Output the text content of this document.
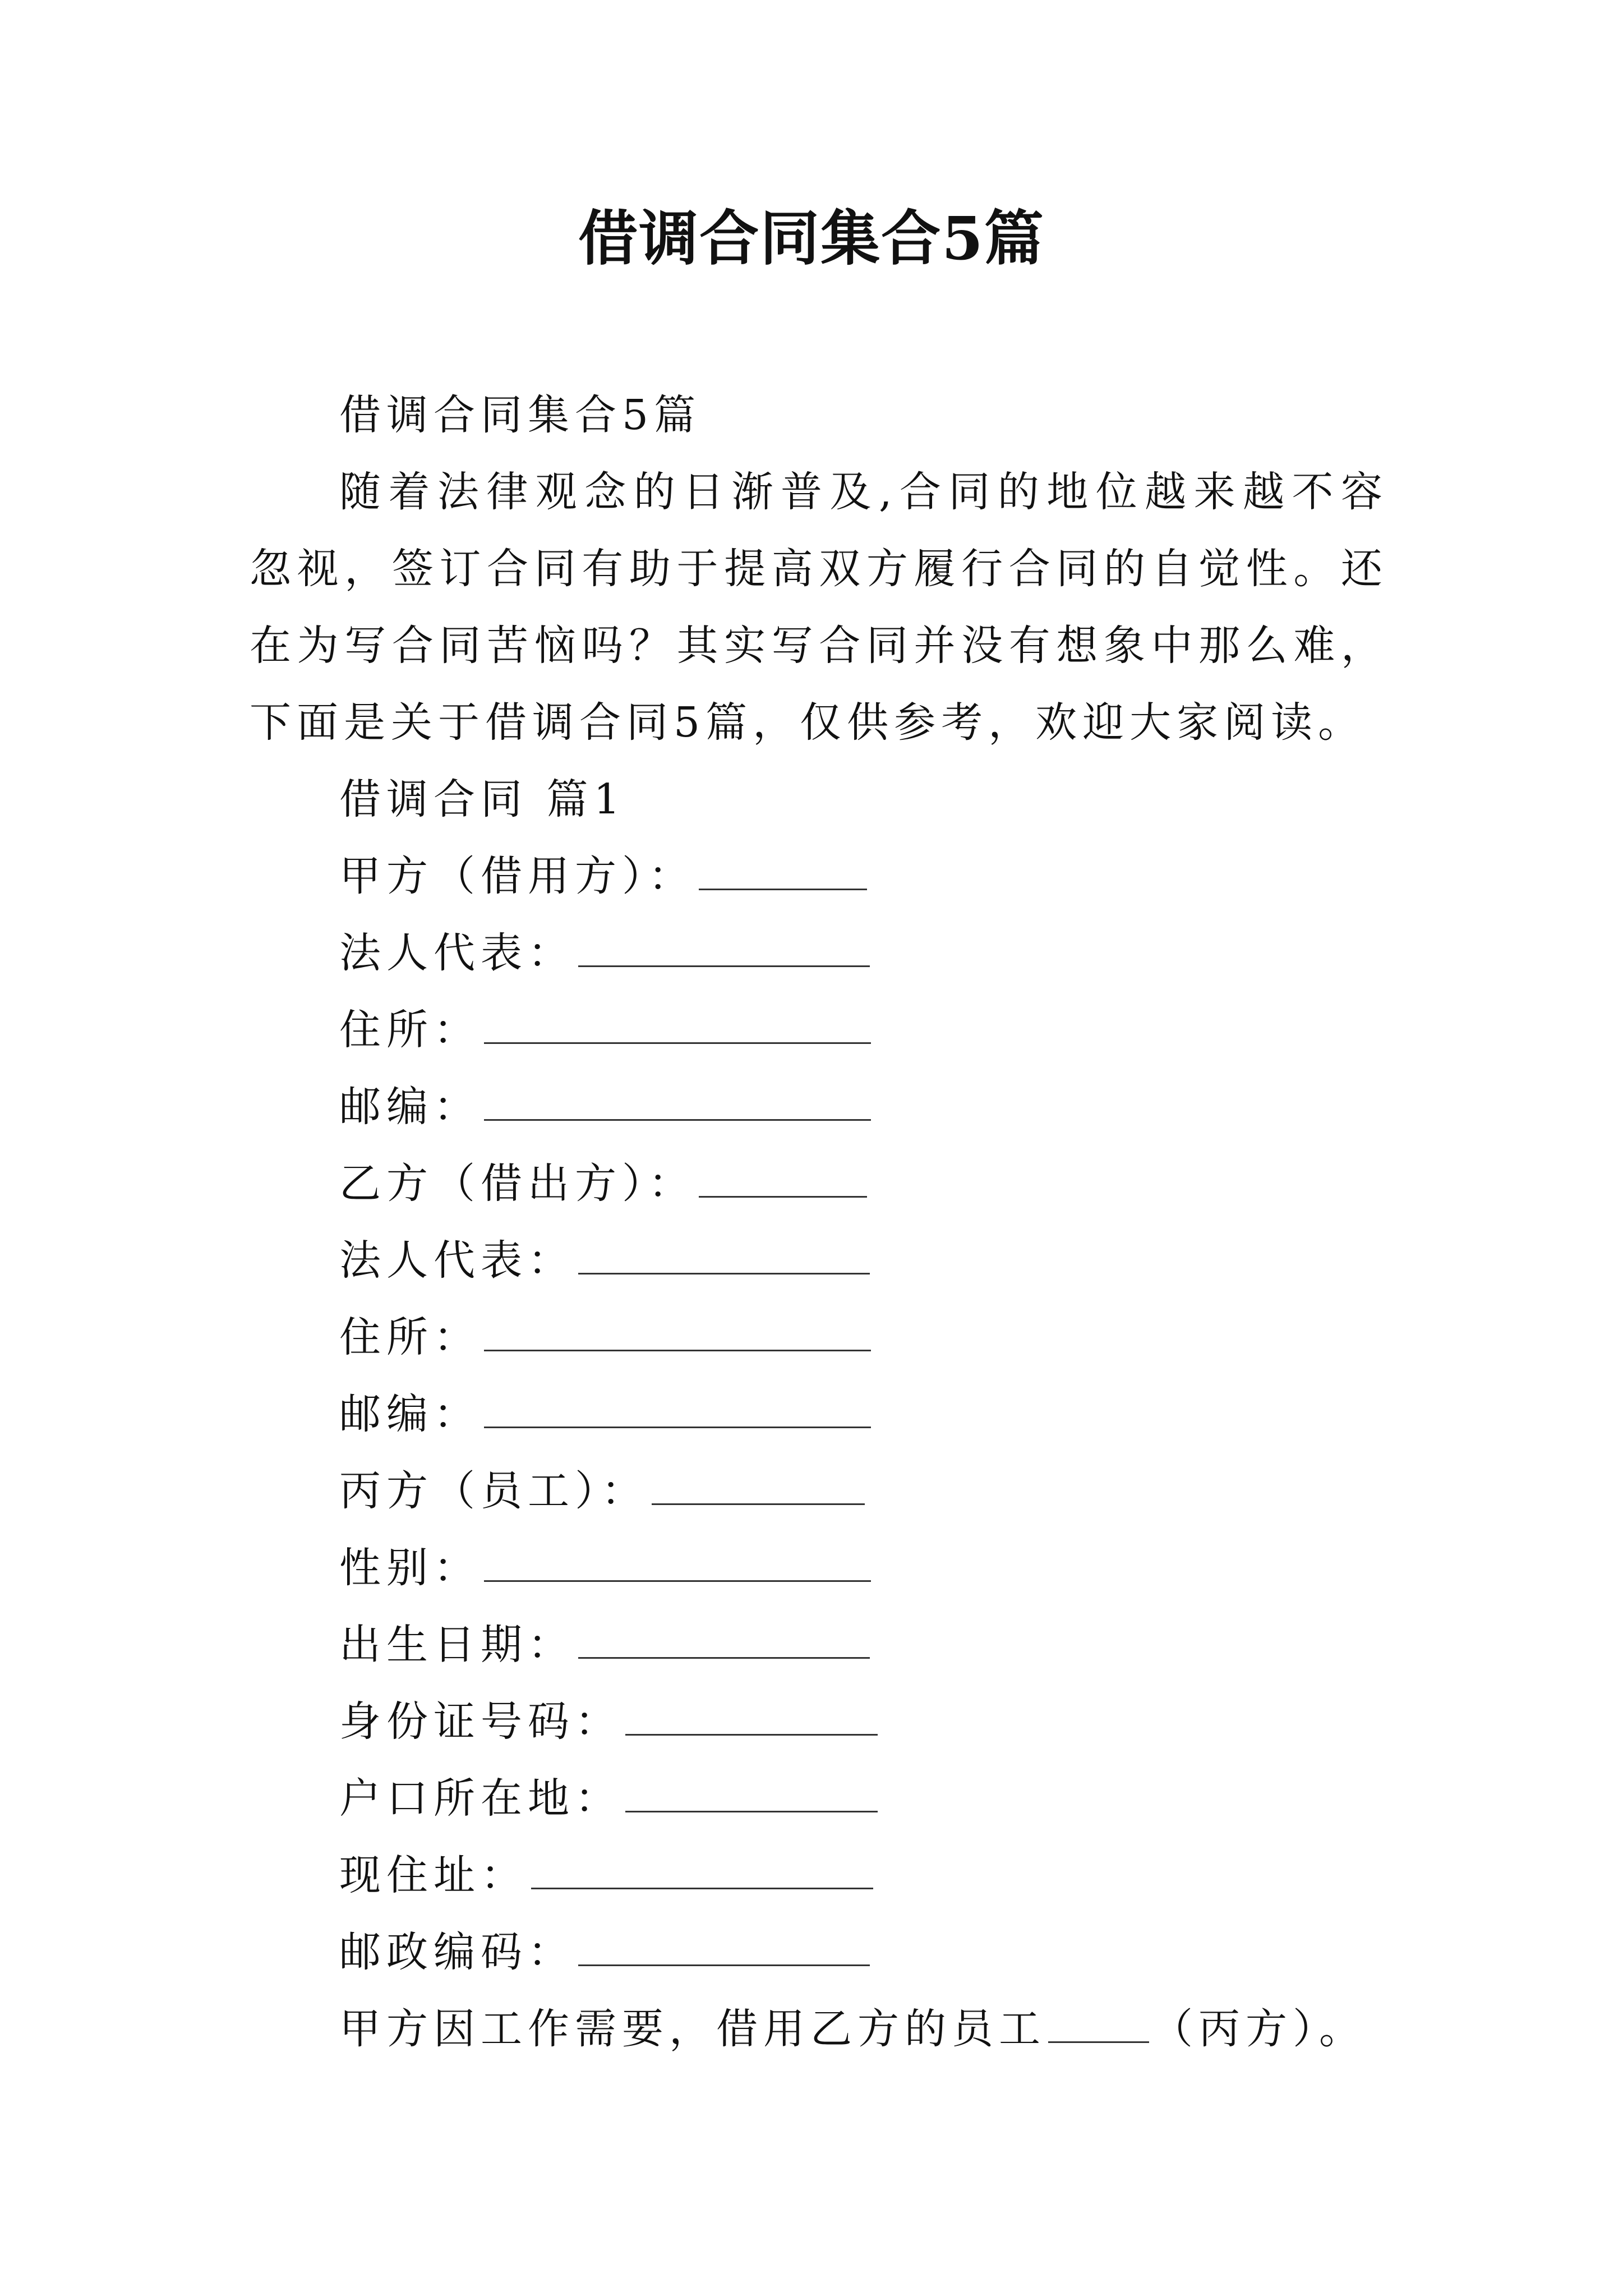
借调合同集合5篇
借调合同集合5篇
随着法律观念的日渐普及,合同的地位越来越不容忽视，签订合同有助于提高双方履行合同的自觉性。还在为写合同苦恼吗？其实写合同并没有想象中那么难，下面是关于借调合同5篇，仅供参考，欢迎大家阅读。
借调合同 篇1
甲方（借用方）：
法人代表：
住所：
邮编：
乙方（借出方）：
法人代表：
住所：
邮编：
丙方（员工）：
性别：
出生日期：
身份证号码：
户口所在地：
现住址：
邮政编码：
甲方因工作需要，借用乙方的员工	（丙方）。
